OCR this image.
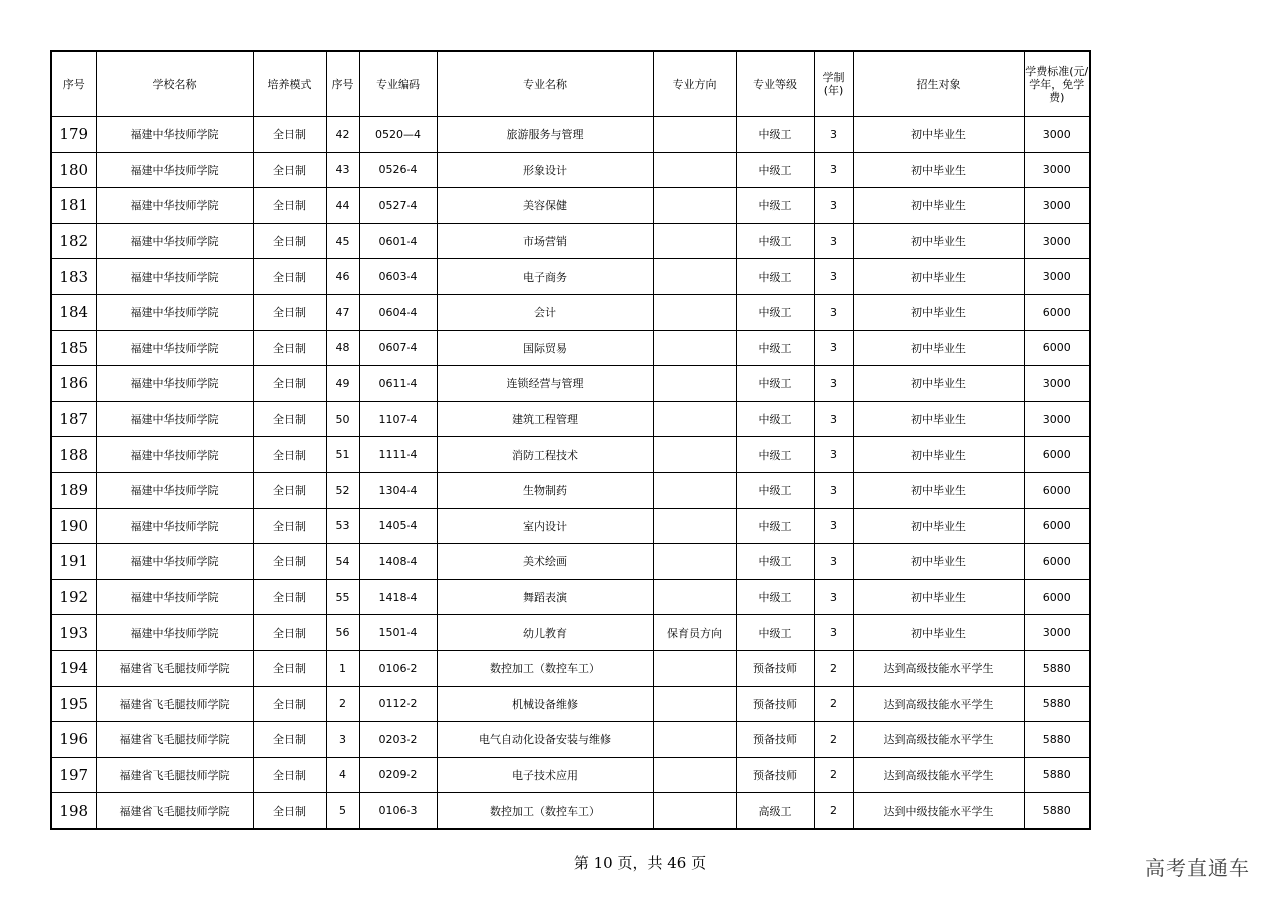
序号	学校名称	培养模式	序号	专业编码	专业名称	专业方向	专业等级	学制(年)	招生对象	学费标准(元/学年，免学费)
179	福建中华技师学院	全日制	42	0520—4	旅游服务与管理		中级工	3	初中毕业生	3000
180	福建中华技师学院	全日制	43	0526-4	形象设计		中级工	3	初中毕业生	3000
181	福建中华技师学院	全日制	44	0527-4	美容保健		中级工	3	初中毕业生	3000
182	福建中华技师学院	全日制	45	0601-4	市场营销		中级工	3	初中毕业生	3000
183	福建中华技师学院	全日制	46	0603-4	电子商务		中级工	3	初中毕业生	3000
184	福建中华技师学院	全日制	47	0604-4	会计		中级工	3	初中毕业生	6000
185	福建中华技师学院	全日制	48	0607-4	国际贸易		中级工	3	初中毕业生	6000
186	福建中华技师学院	全日制	49	0611-4	连锁经营与管理		中级工	3	初中毕业生	3000
187	福建中华技师学院	全日制	50	1107-4	建筑工程管理		中级工	3	初中毕业生	3000
188	福建中华技师学院	全日制	51	1111-4	消防工程技术		中级工	3	初中毕业生	6000
189	福建中华技师学院	全日制	52	1304-4	生物制药		中级工	3	初中毕业生	6000
190	福建中华技师学院	全日制	53	1405-4	室内设计		中级工	3	初中毕业生	6000
191	福建中华技师学院	全日制	54	1408-4	美术绘画		中级工	3	初中毕业生	6000
192	福建中华技师学院	全日制	55	1418-4	舞蹈表演		中级工	3	初中毕业生	6000
193	福建中华技师学院	全日制	56	1501-4	幼儿教育	保育员方向	中级工	3	初中毕业生	3000
194	福建省飞毛腿技师学院	全日制	1	0106-2	数控加工（数控车工）		预备技师	2	达到高级技能水平学生	5880
195	福建省飞毛腿技师学院	全日制	2	0112-2	机械设备维修		预备技师	2	达到高级技能水平学生	5880
196	福建省飞毛腿技师学院	全日制	3	0203-2	电气自动化设备安装与维修		预备技师	2	达到高级技能水平学生	5880
197	福建省飞毛腿技师学院	全日制	4	0209-2	电子技术应用		预备技师	2	达到高级技能水平学生	5880
198	福建省飞毛腿技师学院	全日制	5	0106-3	数控加工（数控车工）		高级工	2	达到中级技能水平学生	5880
第 10 页，共 46 页	高考直通车
